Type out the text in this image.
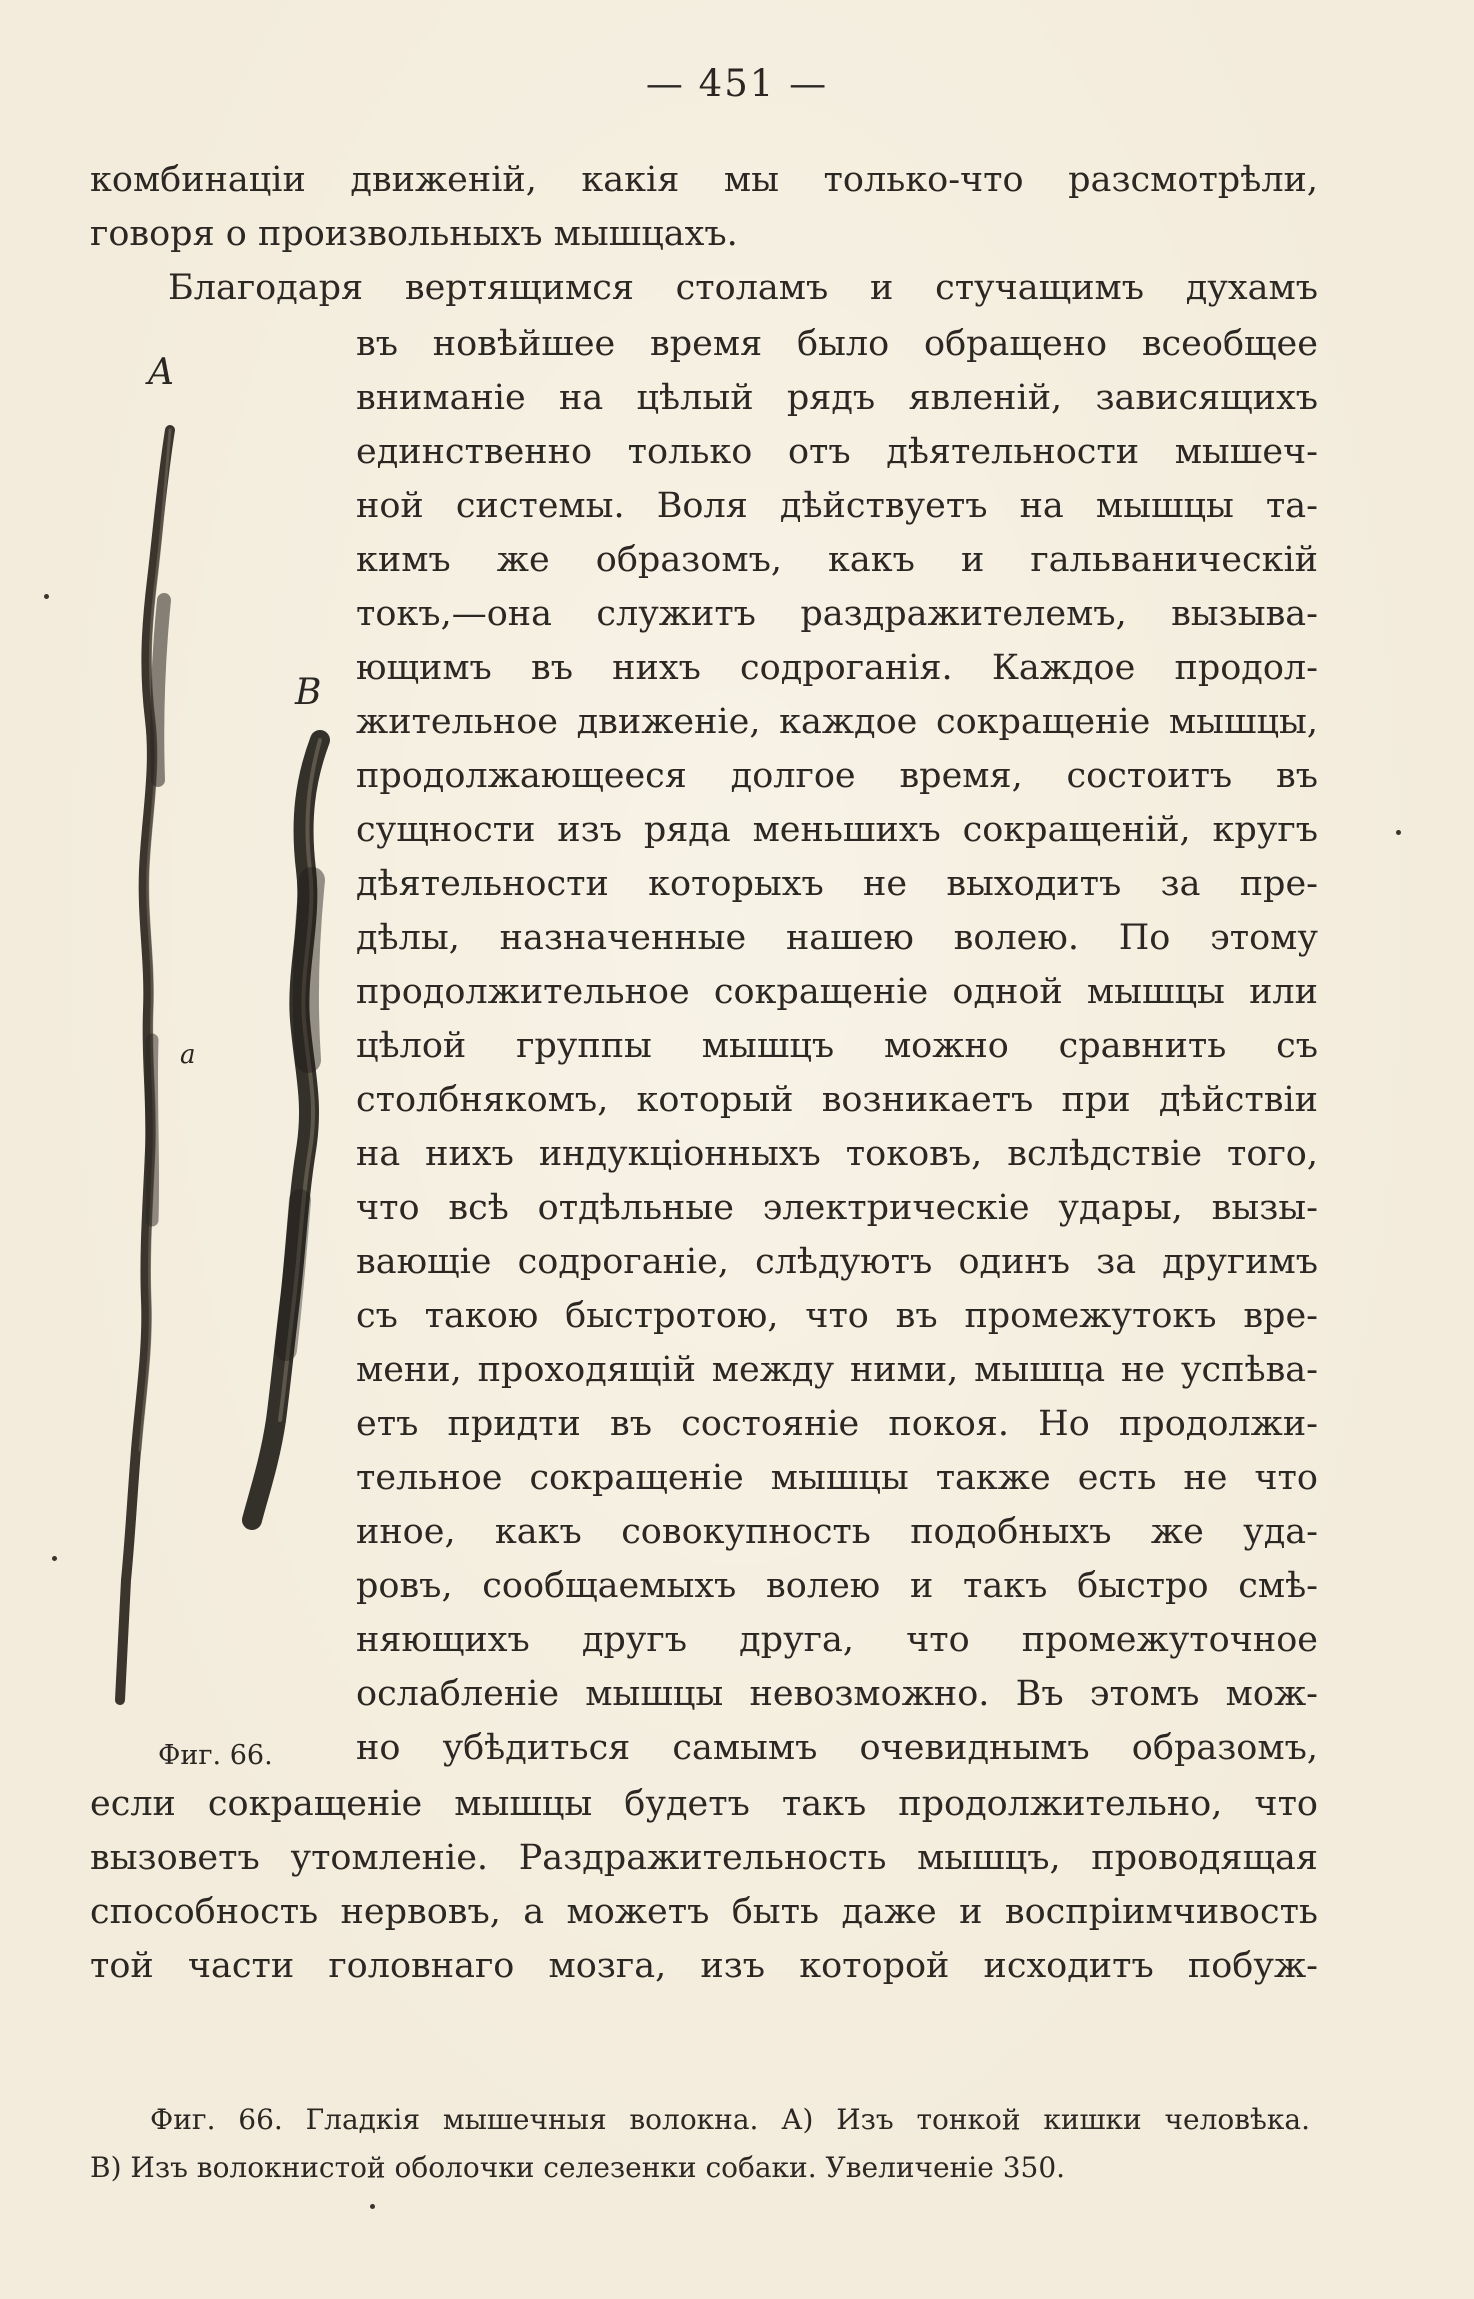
— 451 —
комбинаціи движеній, какія мы только-что разсмотрѣли,
говоря о произвольныхъ мышцахъ.
Благодаря вертящимся столамъ и стучащимъ духамъ
въ новѣйшее время было обращено всеобщее
вниманіе на цѣлый рядъ явленій, зависящихъ
единственно только отъ дѣятельности мышеч-
ной системы. Воля дѣйствуетъ на мышцы та-
кимъ же образомъ, какъ и гальваническій
токъ,—она служитъ раздражителемъ, вызыва-
ющимъ въ нихъ содроганія. Каждое продол-
жительное движеніе, каждое сокращеніе мышцы,
продолжающееся долгое время, состоитъ въ
сущности изъ ряда меньшихъ сокращеній, кругъ
дѣятельности которыхъ не выходитъ за пре-
дѣлы, назначенные нашею волею. По этому
продолжительное сокращеніе одной мышцы или
цѣлой группы мышцъ можно сравнить съ
столбнякомъ, который возникаетъ при дѣйствіи
на нихъ индукціонныхъ токовъ, вслѣдствіе того,
что всѣ отдѣльные электрическіе удары, вызы-
вающіе содроганіе, слѣдуютъ одинъ за другимъ
съ такою быстротою, что въ промежутокъ вре-
мени, проходящій между ними, мышца не успѣва-
етъ придти въ состояніе покоя. Но продолжи-
тельное сокращеніе мышцы также есть не что
иное, какъ совокупность подобныхъ же уда-
ровъ, сообщаемыхъ волею и такъ быстро смѣ-
няющихъ другъ друга, что промежуточное
ослабленіе мышцы невозможно. Въ этомъ мож-
но убѣдиться самымъ очевиднымъ образомъ,
если сокращеніе мышцы будетъ такъ продолжительно, что
вызоветъ утомленіе. Раздражительность мышцъ, проводящая
способность нервовъ, а можетъ быть даже и воспріимчивость
той части головнаго мозга, изъ которой исходитъ побуж-
A
B
a
Фиг. 66.
Фиг. 66. Гладкія мышечныя волокна. А) Изъ тонкой кишки человѣка.
В) Изъ волокнистой оболочки селезенки собаки. Увеличеніе 350.
